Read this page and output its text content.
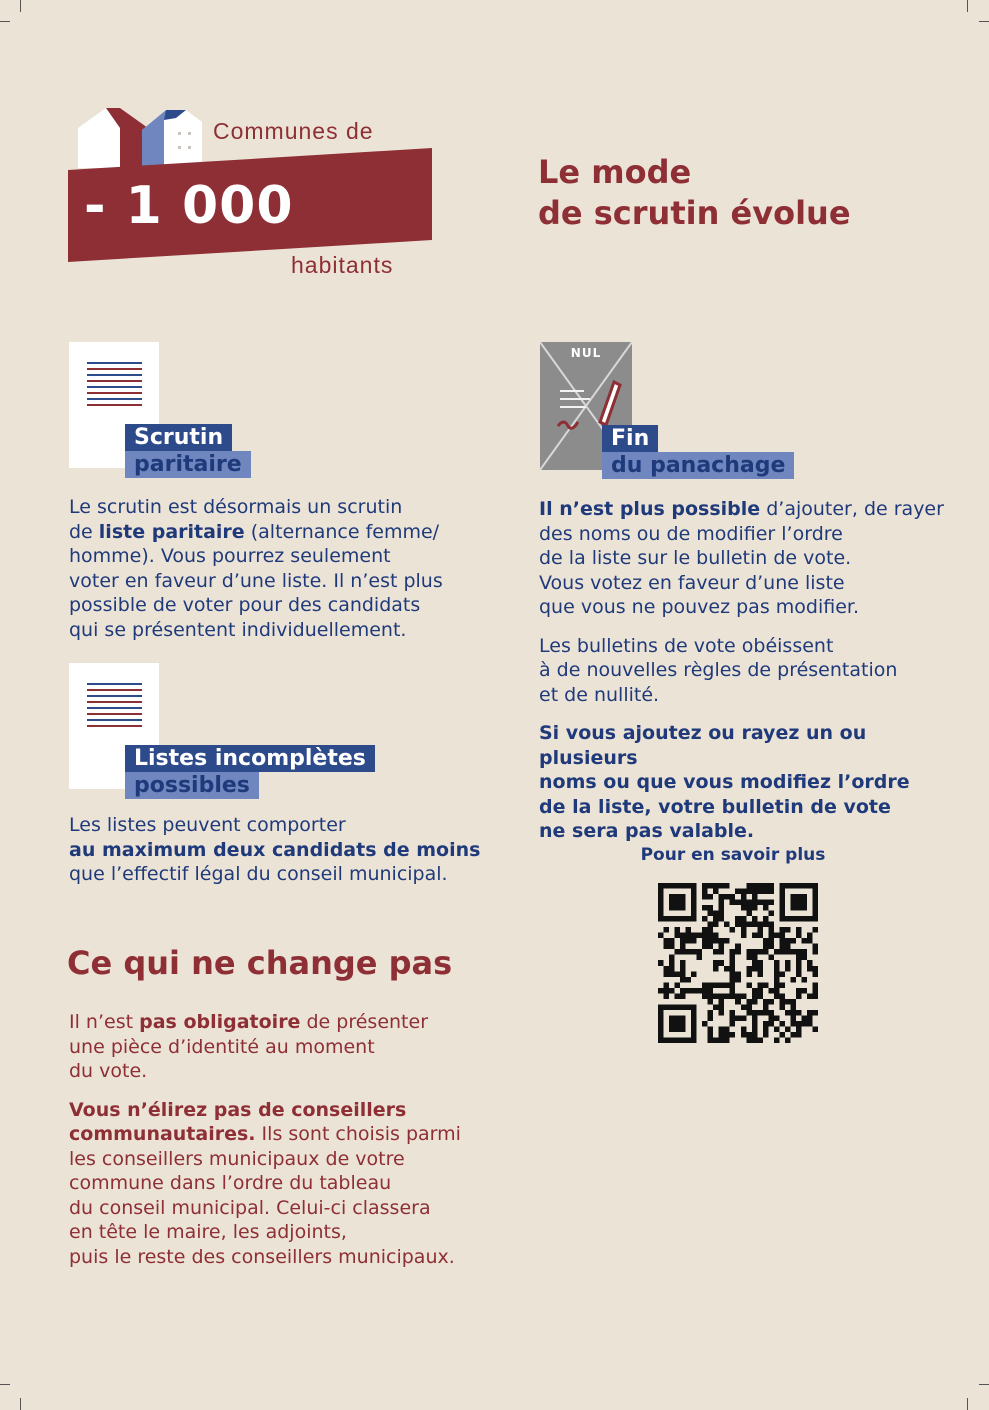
Communes de
- 1 000
habitants
Le mode
de scrutin évolue
Scrutin
paritaire

Le scrutin est désormais un scrutin

de liste paritaire (alternance femme/

homme). Vous pourrez seulement

voter en faveur d’une liste. Il n’est plus

possible de voter pour des candidats

qui se présentent individuellement.

Listes incomplètes
possibles

Les listes peuvent comporter

au maximum deux candidats de moins

que l’effectif légal du conseil municipal.

Ce qui ne change pas

Il n’est pas obligatoire de présenter

une pièce d’identité au moment

du vote.

Vous n’élirez pas de conseillers

communautaires. Ils sont choisis parmi

les conseillers municipaux de votre

commune dans l’ordre du tableau

du conseil municipal. Celui-ci classera

en tête le maire, les adjoints,

puis le reste des conseillers municipaux.

NUL
Fin
du panachage

Il n’est plus possible d’ajouter, de rayer

des noms ou de modifier l’ordre

de la liste sur le bulletin de vote.

Vous votez en faveur d’une liste

que vous ne pouvez pas modifier.

Les bulletins de vote obéissent

à de nouvelles règles de présentation

et de nullité.

Si vous ajoutez ou rayez un ou plusieurs

noms ou que vous modifiez l’ordre

de la liste, votre bulletin de vote

ne sera pas valable.

Pour en savoir plus
